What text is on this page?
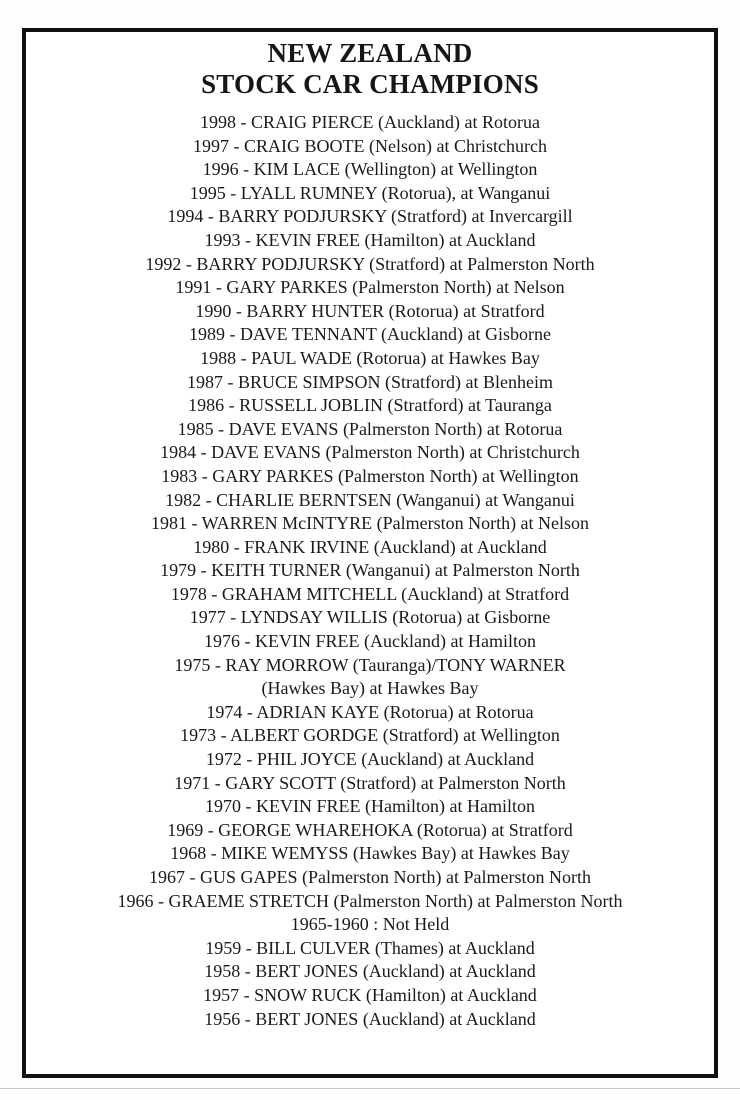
NEW ZEALAND
STOCK CAR CHAMPIONS
1998 - CRAIG PIERCE (Auckland) at Rotorua
1997 - CRAIG BOOTE (Nelson) at Christchurch
1996 - KIM LACE (Wellington) at Wellington
1995 - LYALL RUMNEY (Rotorua), at Wanganui
1994 - BARRY PODJURSKY (Stratford) at Invercargill
1993 - KEVIN FREE (Hamilton) at Auckland
1992 - BARRY PODJURSKY (Stratford) at Palmerston North
1991 - GARY PARKES (Palmerston North) at Nelson
1990 - BARRY HUNTER (Rotorua) at Stratford
1989 - DAVE TENNANT (Auckland) at Gisborne
1988 - PAUL WADE (Rotorua) at Hawkes Bay
1987 - BRUCE SIMPSON (Stratford) at Blenheim
1986 - RUSSELL JOBLIN (Stratford) at Tauranga
1985 - DAVE EVANS (Palmerston North) at Rotorua
1984 - DAVE EVANS (Palmerston North) at Christchurch
1983 - GARY PARKES (Palmerston North) at Wellington
1982 - CHARLIE BERNTSEN (Wanganui) at Wanganui
1981 - WARREN McINTYRE (Palmerston North) at Nelson
1980 - FRANK IRVINE (Auckland) at Auckland
1979 - KEITH TURNER (Wanganui) at Palmerston North
1978 - GRAHAM MITCHELL (Auckland) at Stratford
1977 - LYNDSAY WILLIS (Rotorua) at Gisborne
1976 - KEVIN FREE (Auckland) at Hamilton
1975 - RAY MORROW (Tauranga)/TONY WARNER
(Hawkes Bay) at Hawkes Bay
1974 - ADRIAN KAYE (Rotorua) at Rotorua
1973 - ALBERT GORDGE (Stratford) at Wellington
1972 - PHIL JOYCE (Auckland) at Auckland
1971 - GARY SCOTT (Stratford) at Palmerston North
1970 - KEVIN FREE (Hamilton) at Hamilton
1969 - GEORGE WHAREHOKA (Rotorua) at Stratford
1968 - MIKE WEMYSS (Hawkes Bay) at Hawkes Bay
1967 - GUS GAPES (Palmerston North) at Palmerston North
1966 - GRAEME STRETCH (Palmerston North) at Palmerston North
1965-1960 : Not Held
1959 - BILL CULVER (Thames) at Auckland
1958 - BERT JONES (Auckland) at Auckland
1957 - SNOW RUCK (Hamilton) at Auckland
1956 - BERT JONES (Auckland) at Auckland
